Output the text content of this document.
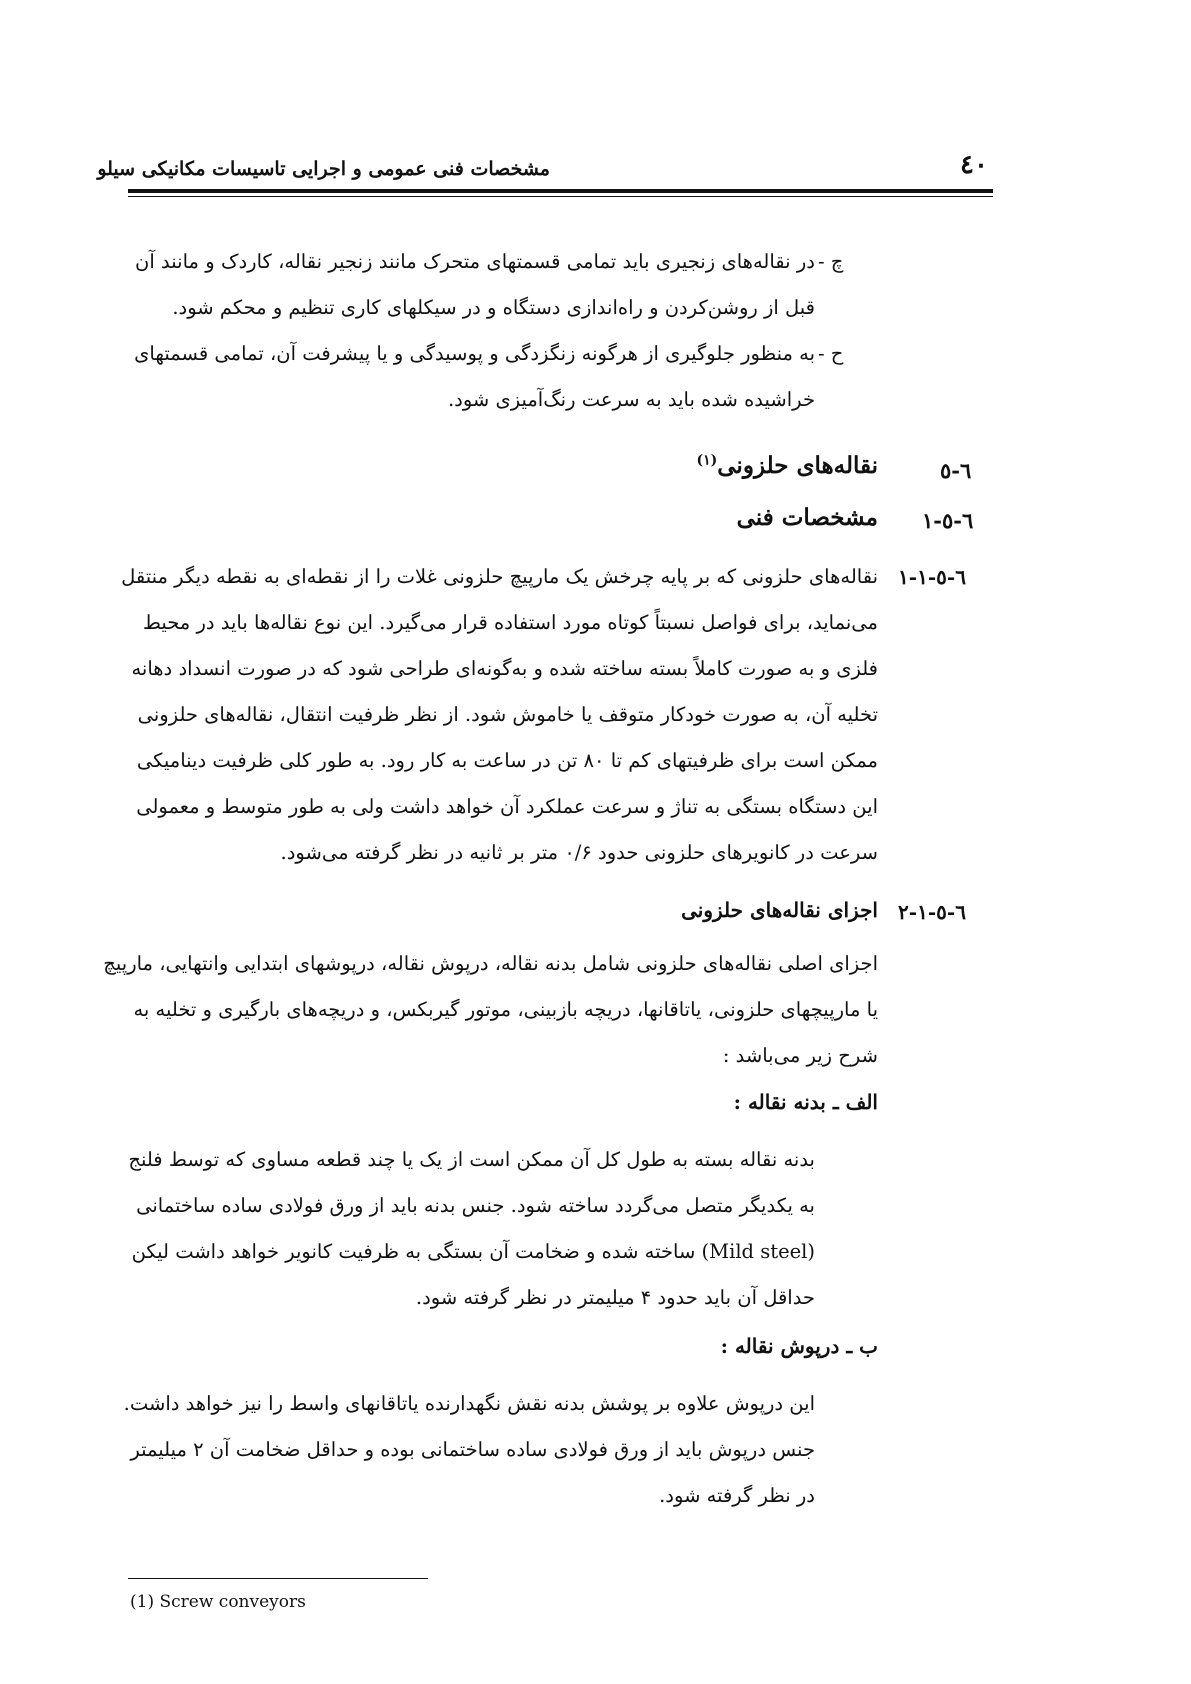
٤٠
مشخصات فنی عمومی و اجرایی تاسیسات مکانیکی سیلو
چ -
در نقاله‌های زنجیری باید تمامی قسمتهای متحرک مانند زنجیر نقاله، کاردک و مانند آن
قبل از روشن‌کردن و راه‌اندازی دستگاه و در سیکلهای کاری تنظیم و محکم شود.
ح -
به منظور جلوگیری از هرگونه زنگزدگی و پوسیدگی و یا پیشرفت آن، تمامی قسمتهای
خراشیده شده باید به سرعت رنگ‌آمیزی شود.
٦-٥
نقاله‌های حلزونی$^{(۱)}$
٦-٥-١
مشخصات فنی
٦-٥-١-١
نقاله‌های حلزونی که بر پایه چرخش یک مارپیچ حلزونی غلات را از نقطه‌ای به نقطه دیگر منتقل
می‌نماید، برای فواصل نسبتاً کوتاه مورد استفاده قرار می‌گیرد. این نوع نقاله‌ها باید در محیط
فلزی و به صورت کاملاً بسته ساخته شده و به‌گونه‌ای طراحی شود که در صورت انسداد دهانه
تخلیه آن، به صورت خودکار متوقف یا خاموش شود. از نظر ظرفیت انتقال، نقاله‌های حلزونی
ممکن است برای ظرفیتهای کم تا ۸۰ تن در ساعت به کار رود. به طور کلی ظرفیت دینامیکی
این دستگاه بستگی به تناژ و سرعت عملکرد آن خواهد داشت ولی به طور متوسط و معمولی
سرعت در کانویرهای حلزونی حدود ۰/۶ متر بر ثانیه در نظر گرفته می‌شود.
٦-٥-١-٢
اجزای نقاله‌های حلزونی
اجزای اصلی نقاله‌های حلزونی شامل بدنه نقاله، درپوش نقاله، درپوشهای ابتدایی وانتهایی، مارپیچ
یا مارپیچهای حلزونی، یاتاقانها، دریچه بازبینی، موتور گیربکس، و دریچه‌های بارگیری و تخلیه به
شرح زیر می‌باشد :
الف ـ بدنه نقاله :
بدنه نقاله بسته به طول کل آن ممکن است از یک یا چند قطعه مساوی که توسط فلنج
به یکدیگر متصل می‌گردد ساخته شود. جنس بدنه باید از ورق فولادی ساده ساختمانی
(Mild steel) ساخته شده و ضخامت آن بستگی به ظرفیت کانویر خواهد داشت لیکن
حداقل آن باید حدود ۴ میلیمتر در نظر گرفته شود.
ب ـ درپوش نقاله :
این درپوش علاوه بر پوشش بدنه نقش نگهدارنده یاتاقانهای واسط را نیز خواهد داشت.
جنس درپوش باید از ورق فولادی ساده ساختمانی بوده و حداقل ضخامت آن ۲ میلیمتر
در نظر گرفته شود.
(1) Screw conveyors
